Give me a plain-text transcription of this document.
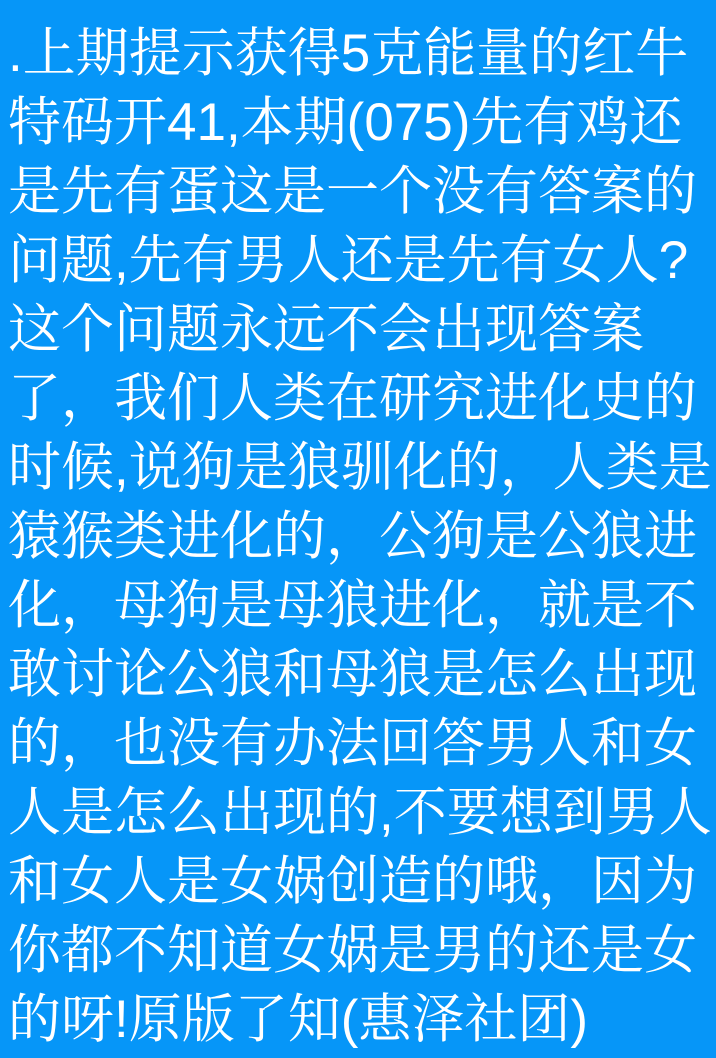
.上期提示获得5克能量的红牛
特码开41,本期(075)先有鸡还
是先有蛋这是一个没有答案的
问题,先有男人还是先有女人?
这个问题永远不会出现答案
了，我们人类在研究进化史的
时候,说狗是狼驯化的，人类是
猿猴类进化的，公狗是公狼进
化，母狗是母狼进化，就是不
敢讨论公狼和母狼是怎么出现
的，也没有办法回答男人和女
人是怎么出现的,不要想到男人
和女人是女娲创造的哦，因为
你都不知道女娲是男的还是女
的呀!原版了知(惠泽社团)
